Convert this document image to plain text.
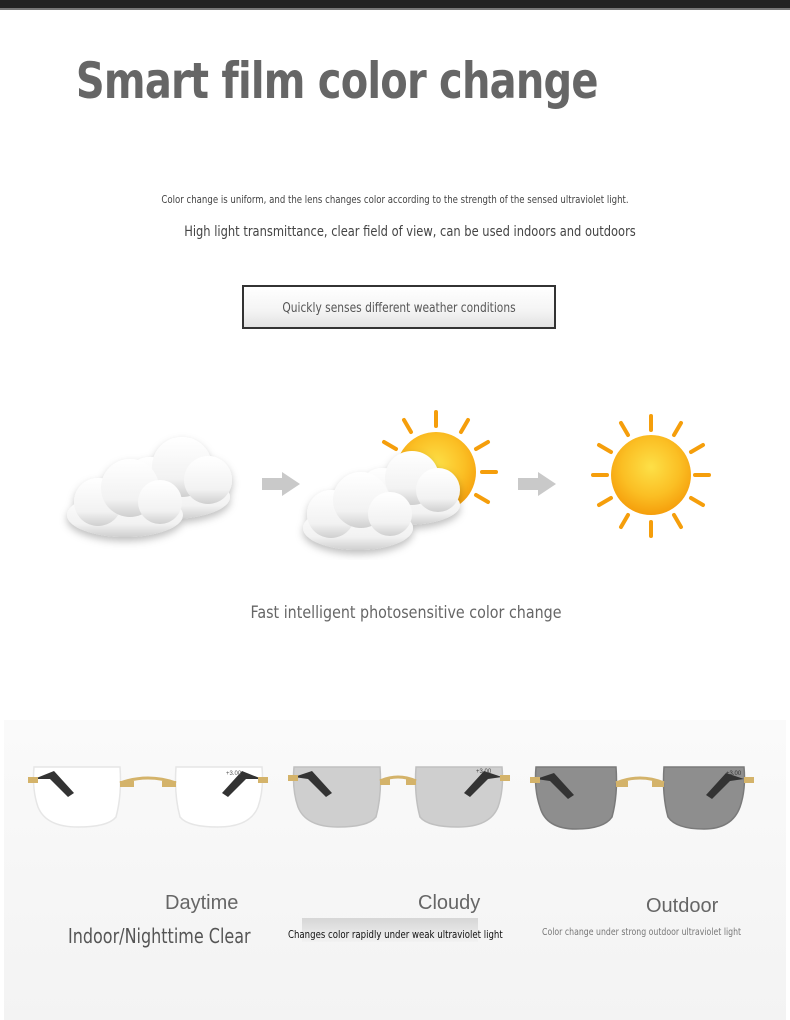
Smart film color change
Color change is uniform, and the lens changes color according to the strength of the sensed ultraviolet light.
High light transmittance, clear field of view, can be used indoors and outdoors
Quickly senses different weather conditions
Fast intelligent photosensitive color change
+3.00	+3.00	+3.00
Daytime
Indoor/Nighttime Clear
Cloudy
Changes color rapidly under weak ultraviolet light
Outdoor
Color change under strong outdoor ultraviolet light
